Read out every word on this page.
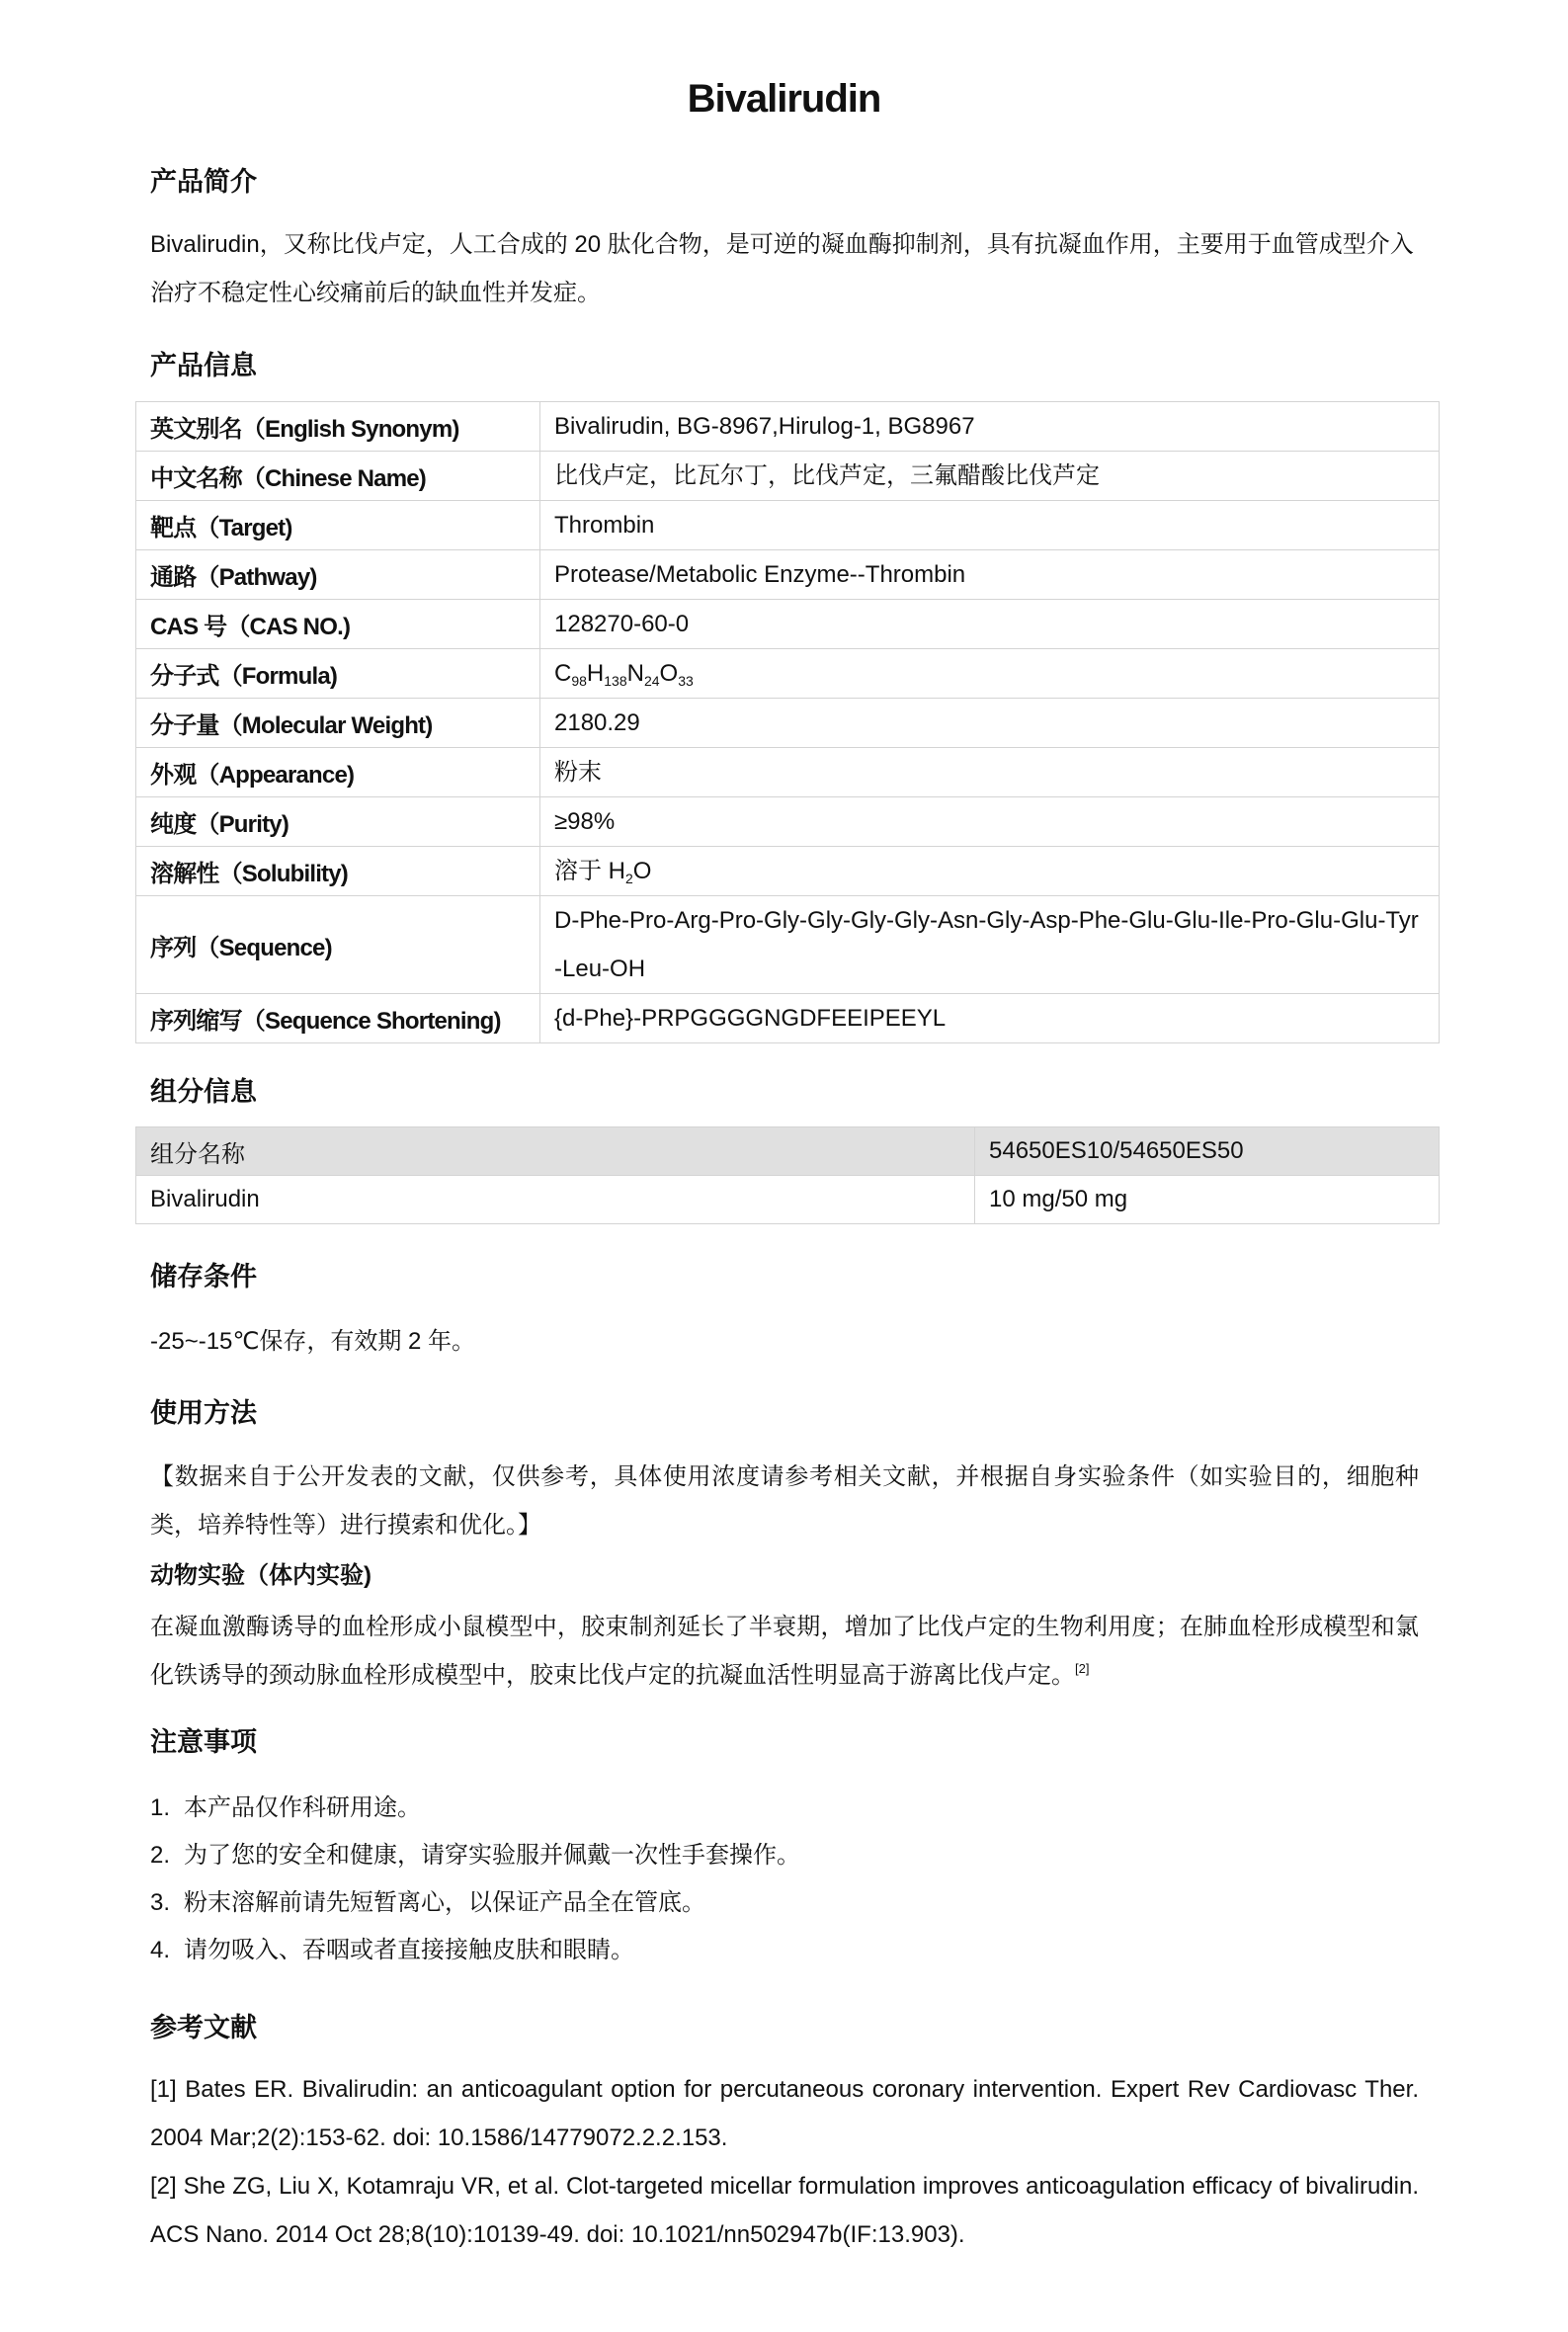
Bivalirudin
产品简介

Bivalirudin，又称比伐卢定，人工合成的 20 肽化合物，是可逆的凝血酶抑制剂，具有抗凝血作用，主要用于血管成型介入治疗不稳定性心绞痛前后的缺血性并发症。

产品信息
英文别名（English Synonym)	Bivalirudin, BG-8967,Hirulog-1, BG8967
中文名称（Chinese Name)	比伐卢定，比瓦尔丁，比伐芦定，三氟醋酸比伐芦定
靶点（Target)	Thrombin
通路（Pathway)	Protease/Metabolic Enzyme--Thrombin
CAS 号（CAS NO.)	128270-60-0
分子式（Formula)	$C_{98}H_{138}N_{24}O_{33}$
分子量（Molecular Weight)	2180.29
外观（Appearance)	粉末
纯度（Purity)	≥98%
溶解性（Solubility)	溶于 $H_2O$
序列（Sequence)	D-Phe-Pro-Arg-Pro-Gly-Gly-Gly-Gly-Asn-Gly-Asp-Phe-Glu-Glu-Ile-Pro-Glu-Glu-Tyr-Leu-OH
序列缩写（Sequence Shortening)	{d-Phe}-PRPGGGGNGDFEEIPEEYL
组分信息
组分名称	54650ES10/54650ES50
Bivalirudin	10 mg/50 mg
储存条件

-25~-15℃保存，有效期 2 年。

使用方法

【数据来自于公开发表的文献，仅供参考，具体使用浓度请参考相关文献，并根据自身实验条件（如实验目的，细胞种类，培养特性等）进行摸索和优化。】

动物实验（体内实验)

在凝血激酶诱导的血栓形成小鼠模型中，胶束制剂延长了半衰期，增加了比伐卢定的生物利用度；在肺血栓形成模型和氯化铁诱导的颈动脉血栓形成模型中，胶束比伐卢定的抗凝血活性明显高于游离比伐卢定。[2]

注意事项
1. 本产品仅作科研用途。
2. 为了您的安全和健康，请穿实验服并佩戴一次性手套操作。
3. 粉末溶解前请先短暂离心，以保证产品全在管底。
4. 请勿吸入、吞咽或者直接接触皮肤和眼睛。
参考文献

[1] Bates ER. Bivalirudin: an anticoagulant option for percutaneous coronary intervention. Expert Rev Cardiovasc Ther. 2004 Mar;2(2):153-62. doi: 10.1586/14779072.2.2.153.

[2] She ZG, Liu X, Kotamraju VR, et al. Clot-targeted micellar formulation improves anticoagulation efficacy of bivalirudin. ACS Nano. 2014 Oct 28;8(10):10139-49. doi: 10.1021/nn502947b(IF:13.903).
